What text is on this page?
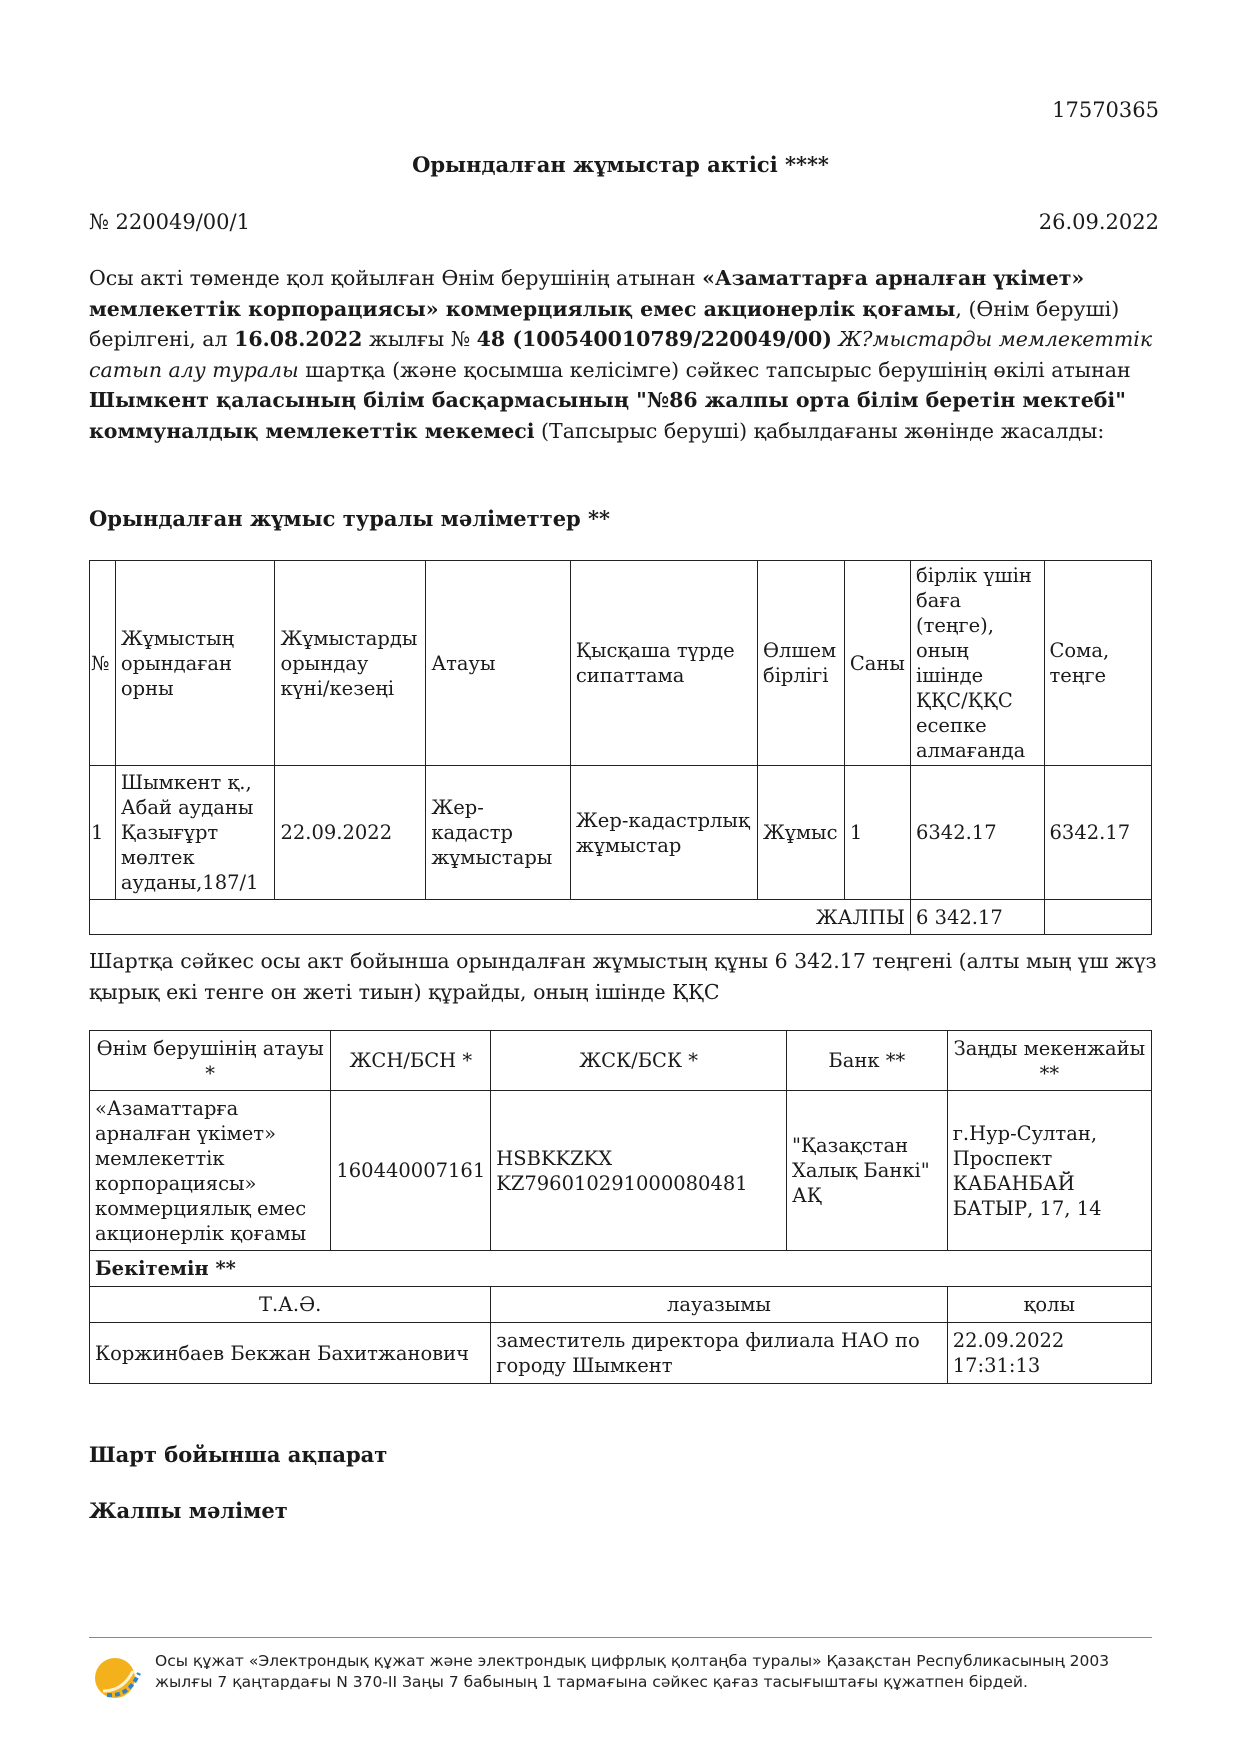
17570365
Орындалған жұмыстар актісі ****
№ 220049/00/1	26.09.2022
Осы акті төменде қол қойылған Өнім берушінің атынан «Азаматтарға арналған үкімет» мемлекеттік корпорациясы» коммерциялық емес акционерлік қоғамы, (Өнім беруші) берілгені, ал 16.08.2022 жылғы № 48 (100540010789/220049/00) Ж?мыстарды мемлекеттік сатып алу туралы шартқа (және қосымша келісімге) сәйкес тапсырыс берушінің өкілі атынан Шымкент қаласының білім басқармасының "№86 жалпы орта білім беретін мектебі" коммуналдық мемлекеттік мекемесі (Тапсырыс беруші) қабылдағаны жөнінде жасалды:
Орындалған жұмыс туралы мәліметтер **
№	Жұмыстың орындаған орны	Жұмыстарды орындау күні/кезеңі	Атауы	Қысқаша түрде сипаттама	Өлшем бірлігі	Саны	бірлік үшін баға (теңге), оның ішінде ҚҚС/ҚҚС есепке алмағанда	Сома, теңге
1	Шымкент қ., Абай ауданы Қазығұрт мөлтек ауданы,187/1	22.09.2022	Жер-кадастр жұмыстары	Жер-кадастрлық жұмыстар	Жұмыс	1	6342.17	6342.17
ЖАЛПЫ							6 342.17	
Шартқа сәйкес осы акт бойынша орындалған жұмыстың құны 6 342.17 теңгені (алты мың үш жүз қырық екі тенге он жеті тиын) құрайды, оның ішінде ҚҚС
Өнім берушінің атауы *	ЖСН/БСН *	ЖСК/БСК *	Банк **	Заңды мекенжайы **
«Азаматтарға арналған үкімет» мемлекеттік корпорациясы» коммерциялық емес акционерлік қоғамы	160440007161	HSBKKZKX KZ796010291000080481	"Қазақстан Халық Банкі" АҚ	г.Нур-Султан, Проспект КАБАНБАЙ БАТЫР, 17, 14
Бекітемін **				
Т.А.Ә.		лауазымы		қолы
Коржинбаев Бекжан Бахитжанович		заместитель директора филиала НАО по городу Шымкент		22.09.2022 17:31:13
Шарт бойынша ақпарат
Жалпы мәлімет
Осы құжат «Электрондық құжат және электрондық цифрлық қолтаңба туралы» Қазақстан Республикасының 2003 жылғы 7 қаңтардағы N 370-II Заңы 7 бабының 1 тармағына сәйкес қағаз тасығыштағы құжатпен бірдей.
